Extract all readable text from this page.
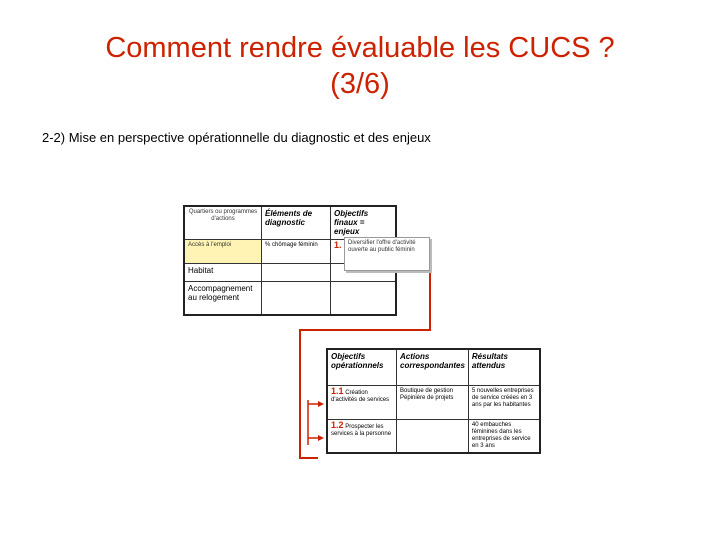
Comment rendre évaluable les CUCS ?
(3/6)
2-2) Mise en perspective opérationnelle du diagnostic et des enjeux
Quartiers ou programmes d'actions	Éléments de diagnostic	Objectifs finaux = enjeux
Accès à l'emploi	% chômage féminin	1.
Habitat		
Accompagnement au relogement		
Diversifier l'offre d'activité ouverte au public féminin
Objectifs opérationnels	Actions correspondantes	Résultats attendus
1.1 Création d'activités de services	Boutique de gestion Pépinière de projets	5 nouvelles entreprises de service créées en 3 ans par les habitantes
1.2 Prospecter les services à la personne		40 embauches féminines dans les entreprises de service en 3 ans
